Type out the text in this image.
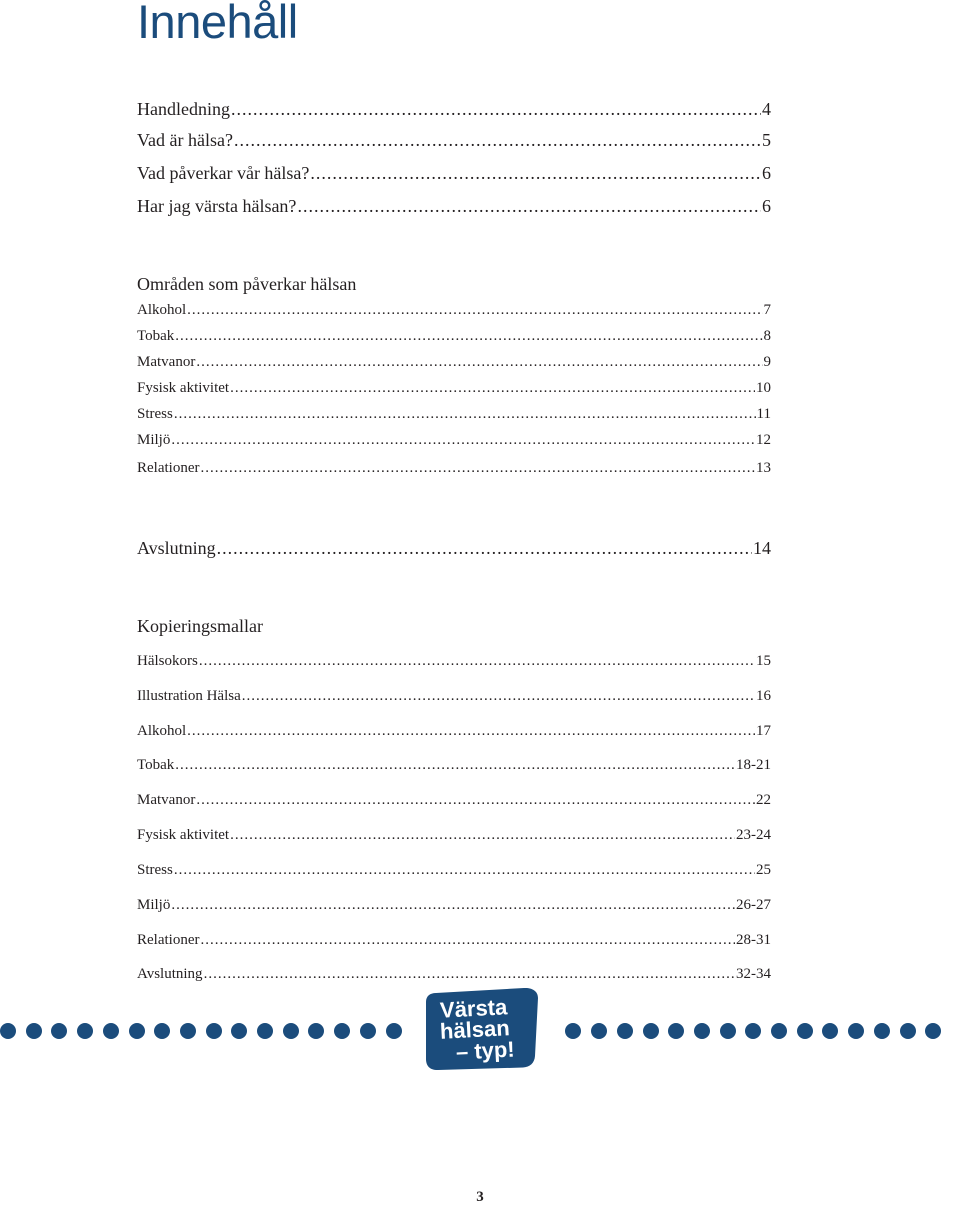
Innehåll
Handledning .....	4
Vad är hälsa? .....	5
Vad påverkar vår hälsa? .....	6
Har jag värsta hälsan? .....	6
Områden som påverkar hälsan
Alkohol .....	7
Tobak .....	8
Matvanor .....	9
Fysisk aktivitet .....	10
Stress .....	11
Miljö .....	12
Relationer .....	13
Avslutning .....	14
Kopieringsmallar
Hälsokors .....	15
Illustration Hälsa .....	16
Alkohol .....	17
Tobak .....	18-21
Matvanor .....	22
Fysisk aktivitet .....	23-24
Stress .....	25
Miljö .....	26-27
Relationer .....	28-31
Avslutning .....	32-34
Värsta
hälsan
– typ!
3
